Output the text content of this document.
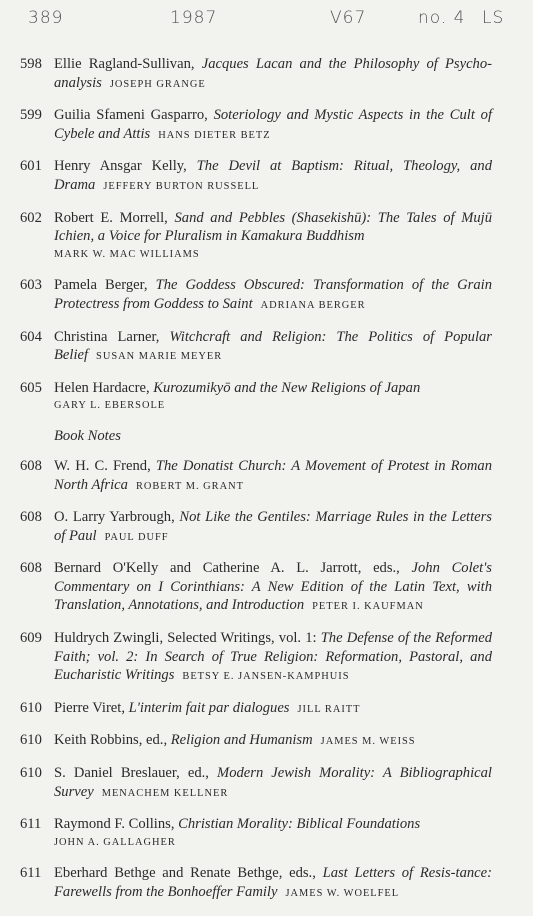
389	1987	V67	no. 4 LS
598 Ellie Ragland-Sullivan, Jacques Lacan and the Philosophy of Psycho-analysis JOSEPH GRANGE
599 Guilia Sfameni Gasparro, Soteriology and Mystic Aspects in the Cult of Cybele and Attis HANS DIETER BETZ
601 Henry Ansgar Kelly, The Devil at Baptism: Ritual, Theology, and Drama JEFFERY BURTON RUSSELL
602 Robert E. Morrell, Sand and Pebbles (Shasekishū): The Tales of Mujū Ichien, a Voice for Pluralism in Kamakura Buddhism
MARK W. MAC WILLIAMS
603 Pamela Berger, The Goddess Obscured: Transformation of the Grain Protectress from Goddess to Saint ADRIANA BERGER
604 Christina Larner, Witchcraft and Religion: The Politics of Popular Belief SUSAN MARIE MEYER
605 Helen Hardacre, Kurozumikyō and the New Religions of Japan
GARY L. EBERSOLE
Book Notes
608 W. H. C. Frend, The Donatist Church: A Movement of Protest in Roman North Africa ROBERT M. GRANT
608 O. Larry Yarbrough, Not Like the Gentiles: Marriage Rules in the Letters of Paul PAUL DUFF
608 Bernard O'Kelly and Catherine A. L. Jarrott, eds., John Colet's Commentary on I Corinthians: A New Edition of the Latin Text, with Translation, Annotations, and Introduction PETER I. KAUFMAN
609 Huldrych Zwingli, Selected Writings, vol. 1: The Defense of the Reformed Faith; vol. 2: In Search of True Religion: Reformation, Pastoral, and Eucharistic Writings BETSY E. JANSEN-KAMPHUIS
610 Pierre Viret, L'interim fait par dialogues JILL RAITT
610 Keith Robbins, ed., Religion and Humanism JAMES M. WEISS
610 S. Daniel Breslauer, ed., Modern Jewish Morality: A Bibliographical Survey MENACHEM KELLNER
611 Raymond F. Collins, Christian Morality: Biblical Foundations
JOHN A. GALLAGHER
611 Eberhard Bethge and Renate Bethge, eds., Last Letters of Resis-tance: Farewells from the Bonhoeffer Family JAMES W. WOELFEL
